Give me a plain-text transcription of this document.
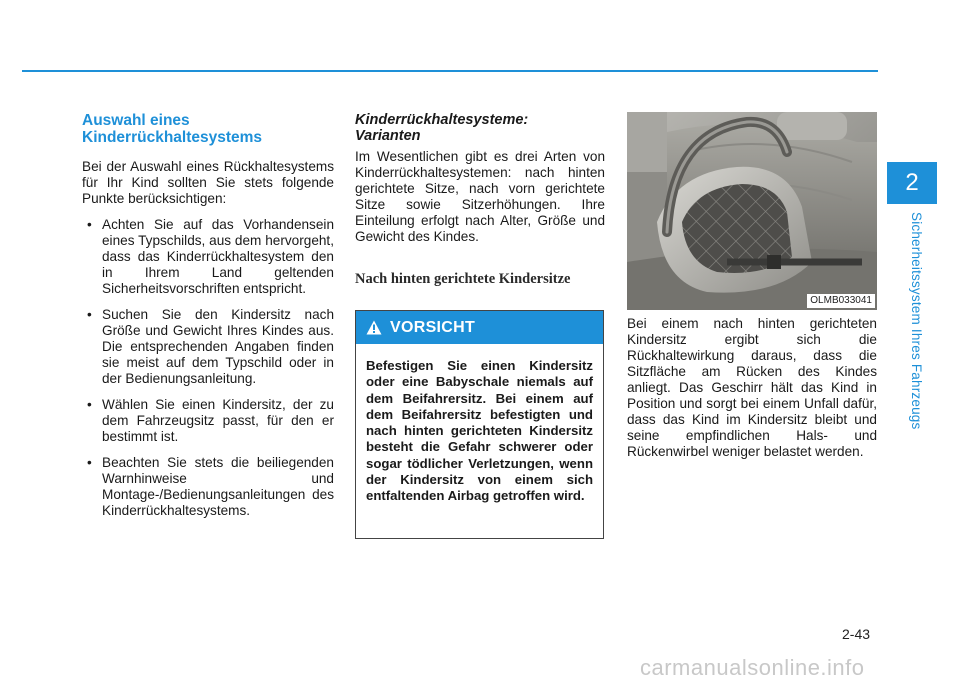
2
Sicherheitssystem Ihres Fahrzeugs
Auswahl eines
Kinderrückhaltesystems

Bei der Auswahl eines Rückhaltesystems für Ihr Kind sollten Sie stets folgende Punkte berücksichtigen:

• Achten Sie auf das Vorhandensein eines Typschilds, aus dem hervorgeht, dass das Kinderrückhaltesystem den in Ihrem Land geltenden Sicherheitsvorschriften entspricht.
• Suchen Sie den Kindersitz nach Größe und Gewicht Ihres Kindes aus. Die entsprechenden Angaben finden sie meist auf dem Typschild oder in der Bedienungsanleitung.
• Wählen Sie einen Kindersitz, der zu dem Fahrzeugsitz passt, für den er bestimmt ist.
• Beachten Sie stets die beiliegenden Warnhinweise und Montage-/Bedienungsanleitungen des Kinderrückhaltesystems.
Kinderrückhaltesysteme:
Varianten

Im Wesentlichen gibt es drei Arten von Kinderrückhaltesystemen: nach hinten gerichtete Sitze, nach vorn gerichtete Sitze sowie Sitzerhöhungen. Ihre Einteilung erfolgt nach Alter, Größe und Gewicht des Kindes.

Nach hinten gerichtete Kindersitze
VORSICHT
Befestigen Sie einen Kindersitz oder eine Babyschale niemals auf dem Beifahrersitz. Bei einem auf dem Beifahrersitz befestigten und nach hinten gerichteten Kindersitz besteht die Gefahr schwerer oder sogar tödlicher Verletzungen, wenn der Kindersitz von einem sich entfaltenden Airbag getroffen wird.
OLMB033041

Bei einem nach hinten gerichteten Kindersitz ergibt sich die Rückhaltewirkung daraus, dass die Sitzfläche am Rücken des Kindes anliegt. Das Geschirr hält das Kind in Position und sorgt bei einem Unfall dafür, dass das Kind im Kindersitz bleibt und seine empfindlichen Hals- und Rückenwirbel weniger belastet werden.

2-43
carmanualsonline.info
